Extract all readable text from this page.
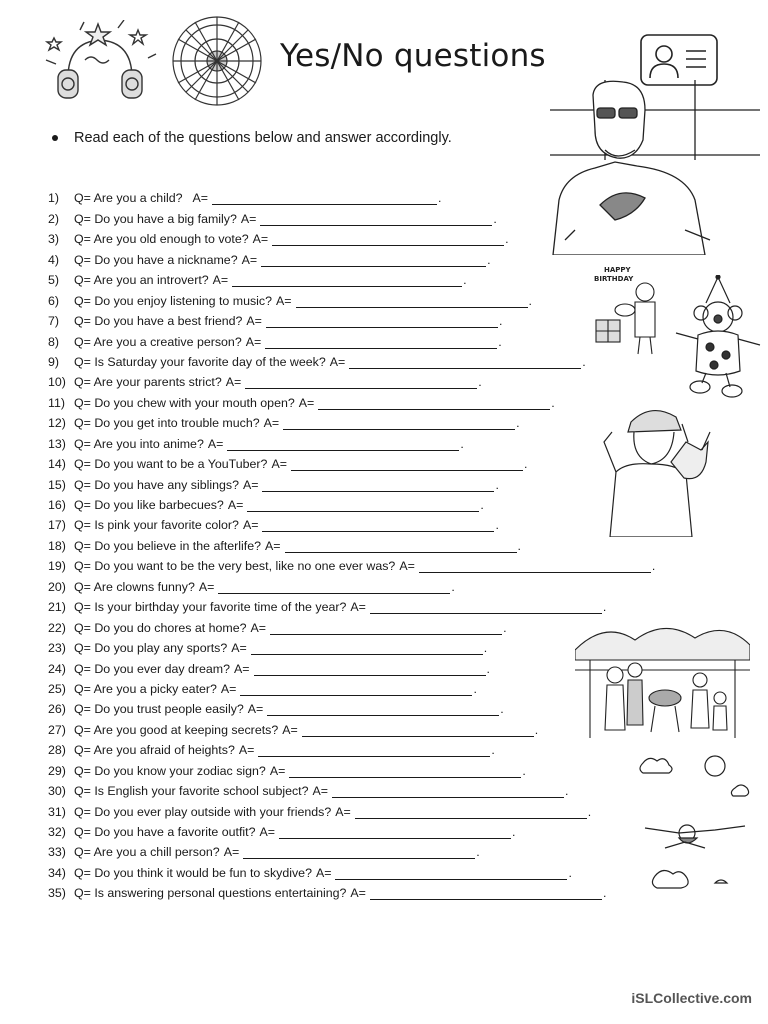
Yes/No questions
Read each of the questions below and answer accordingly.
HAPPY
BIRTHDAY
1)	Q= Are you a child? A=	.
2)	Q= Do you have a big family? A=	.
3)	Q= Are you old enough to vote? A=	.
4)	Q= Do you have a nickname? A=	.
5)	Q= Are you an introvert? A=	.
6)	Q= Do you enjoy listening to music? A=	.
7)	Q= Do you have a best friend? A=	.
8)	Q= Are you a creative person? A=	.
9)	Q= Is Saturday your favorite day of the week? A=	.
10) Q= Are your parents strict? A=	.
11) Q= Do you chew with your mouth open? A=	.
12) Q= Do you get into trouble much? A=	.
13) Q= Are you into anime? A=	.
14) Q= Do you want to be a YouTuber? A=	.
15) Q= Do you have any siblings? A=	.
16) Q= Do you like barbecues? A=	.
17) Q= Is pink your favorite color? A=	.
18) Q= Do you believe in the afterlife? A=	.
19) Q= Do you want to be the very best, like no one ever was? A=	.
20) Q= Are clowns funny? A=	.
21) Q= Is your birthday your favorite time of the year? A=	.
22) Q= Do you do chores at home? A=	.
23) Q= Do you play any sports? A=	.
24) Q= Do you ever day dream? A=	.
25) Q= Are you a picky eater? A=	.
26) Q= Do you trust people easily? A=	.
27) Q= Are you good at keeping secrets? A=	.
28) Q= Are you afraid of heights? A=	.
29) Q= Do you know your zodiac sign? A=	.
30) Q= Is English your favorite school subject? A=	.
31) Q= Do you ever play outside with your friends? A=	.
32) Q= Do you have a favorite outfit? A=	.
33) Q= Are you a chill person? A=	.
34) Q= Do you think it would be fun to skydive? A=	.
35) Q= Is answering personal questions entertaining? A=	.
iSLCollective.com
